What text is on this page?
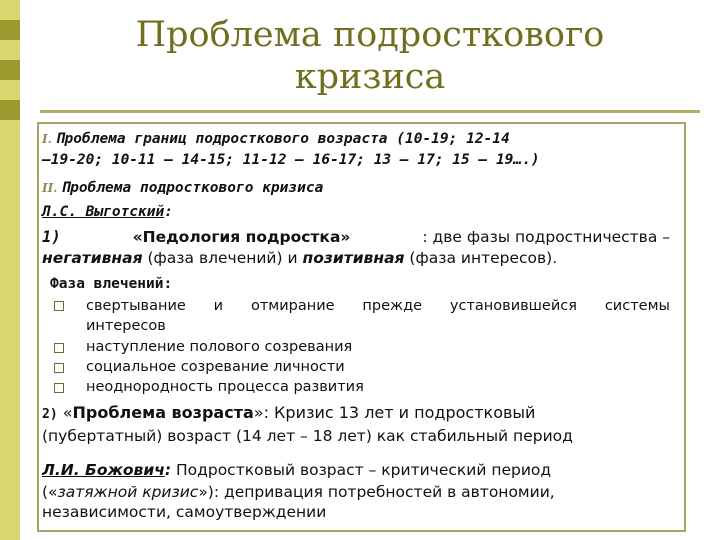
Проблема подросткового
кризиса
I. Проблема границ подросткового возраста (10-19; 12-14
–19-20; 10-11 – 14-15; 11-12 – 16-17; 13 – 17; 15 – 19….)
II. Проблема подросткового кризиса
Л.С. Выготский:
1)	«Педология подростка»	: две фазы подростничества –
негативная (фаза влечений) и позитивная (фаза интересов).
Фаза влечений:
свертывание и отмирание прежде установившейся системы
интересов
наступление полового созревания
социальное созревание личности
неоднородность процесса развития
2) «Проблема возраста»: Кризис 13 лет и подростковый
(пубертатный) возраст (14 лет – 18 лет) как стабильный период
Л.И. Божович: Подростковый возраст – критический период
(«затяжной кризис»): депривация потребностей в автономии,
независимости, самоутверждении
